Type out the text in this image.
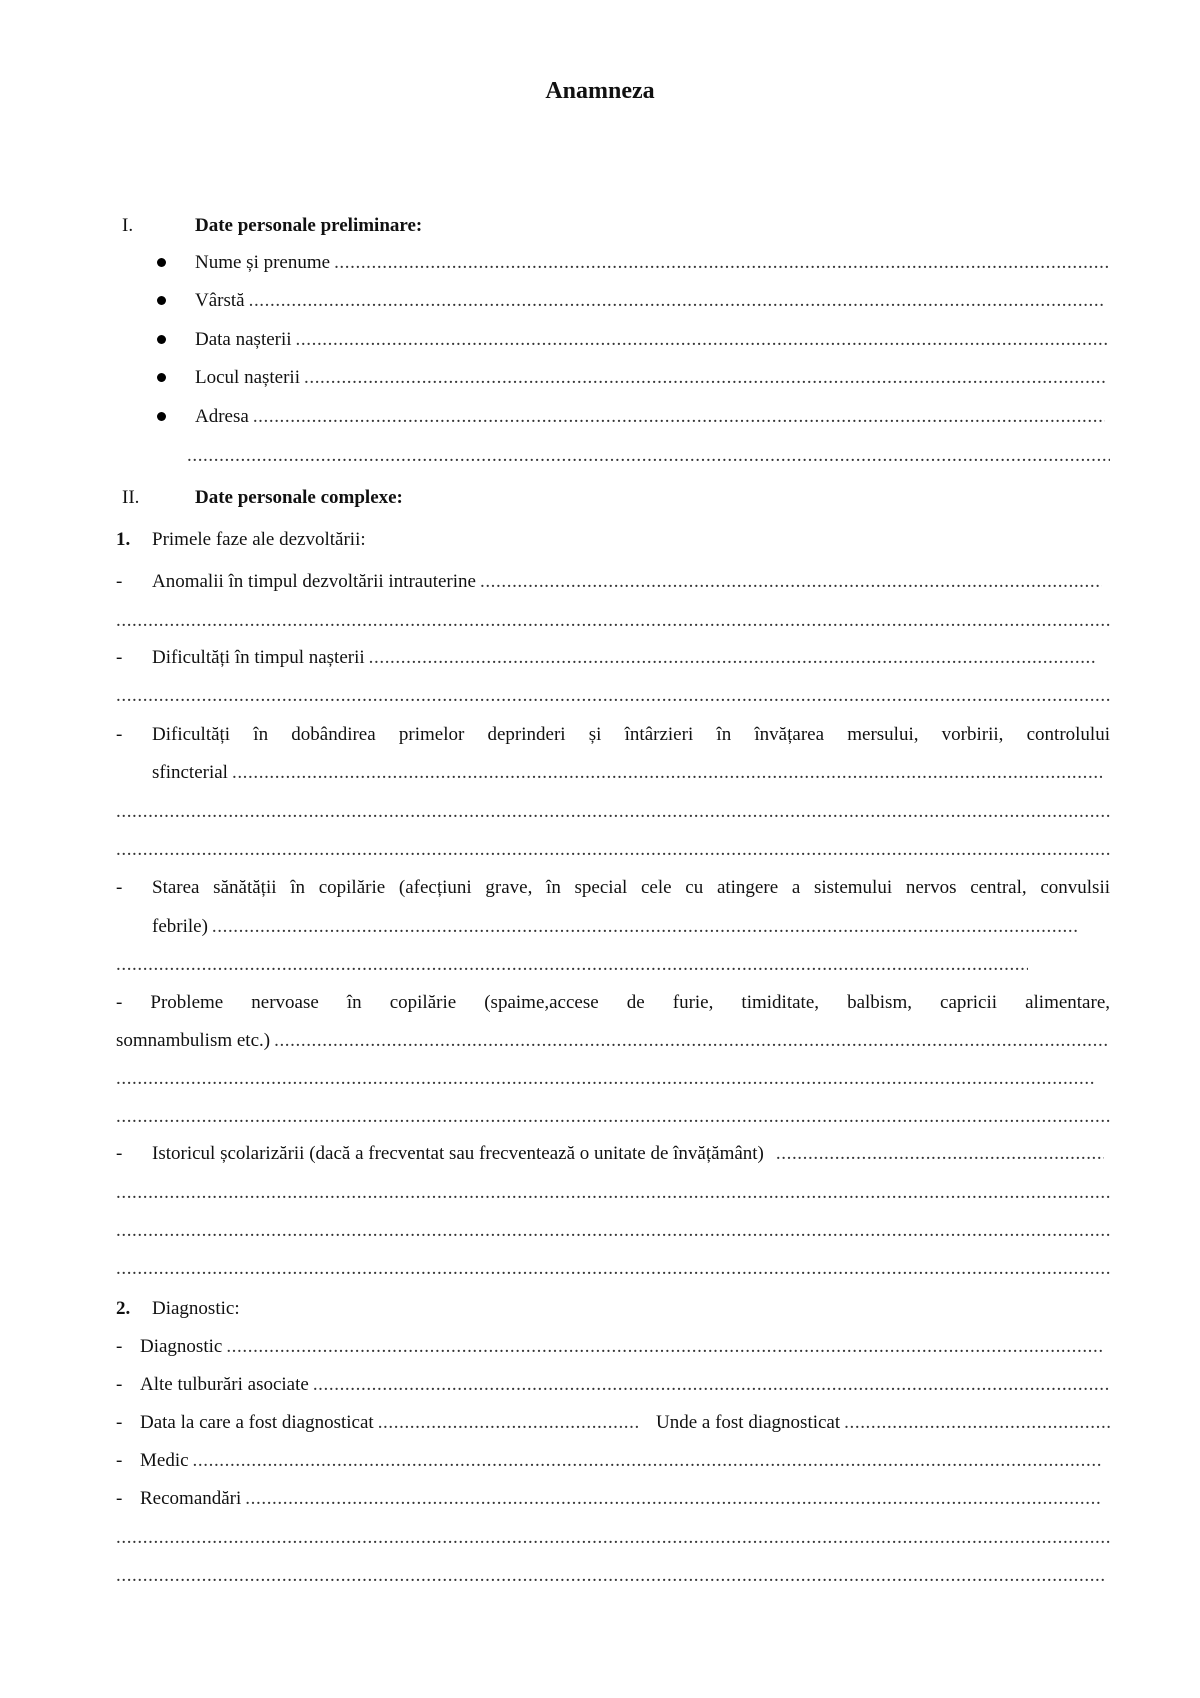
Anamneza
I.	Date personale preliminare:
Nume și prenume
.....
Vârstă
.....
Data nașterii
.....
Locul nașterii
.....
Adresa
.....
.....
II.	Date personale complexe:
1. Primele faze ale dezvoltării:
- Anomalii în timpul dezvoltării intrauterine
.....
.....
- Dificultăți în timpul nașterii
.....
.....
- Dificultăți în dobândirea primelor deprinderi și întârzieri în învățarea mersului, vorbirii, controlului
sfincterial
.....
.....
.....
- Starea sănătății în copilărie (afecțiuni grave, în special cele cu atingere a sistemului nervos central, convulsii
febrile)
.....
.....
- Probleme nervoase în copilărie (spaime,accese de furie, timiditate, balbism, capricii alimentare,
somnambulism etc.)
.....
.....
.....
- Istoricul școlarizării (dacă a frecventat sau frecventează o unitate de învățământ)
.....
.....
.....
.....
2. Diagnostic:
- Diagnostic
.....
- Alte tulburări asociate
.....
- Data la care a fost diagnosticat
.....	Unde a fost diagnosticat
.....
- Medic
.....
- Recomandări
.....
.....
.....
